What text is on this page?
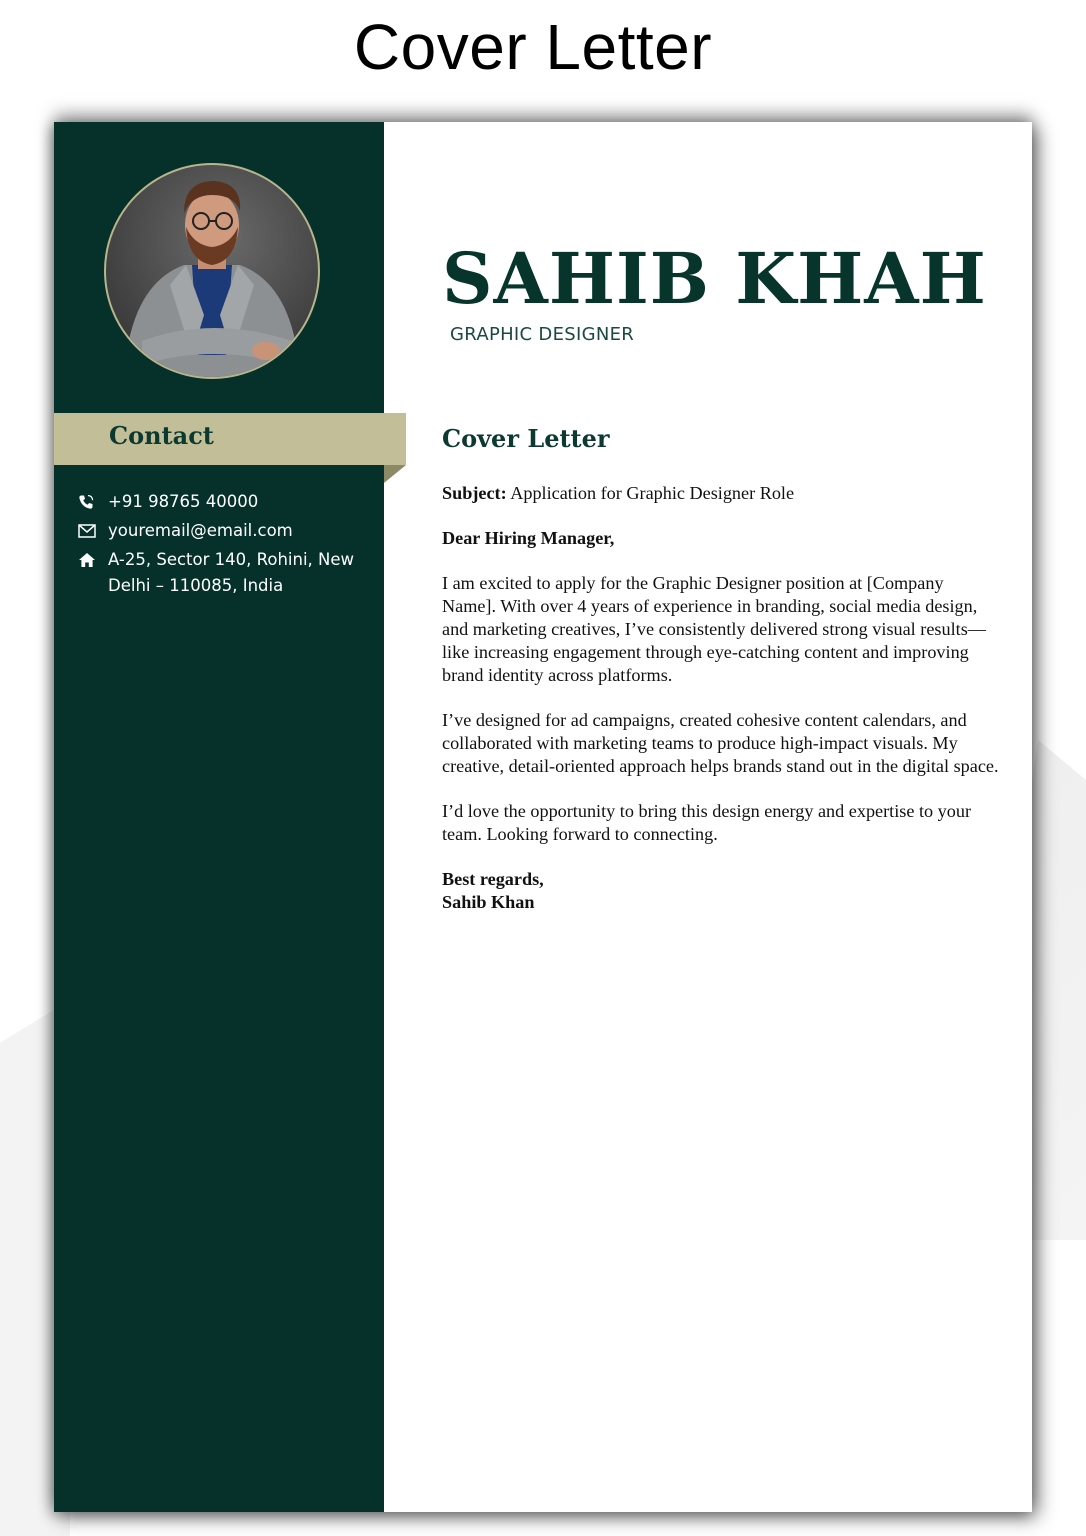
Cover Letter
Contact
+91 98765 40000
youremail@email.com
A-25, Sector 140, Rohini, New
Delhi – 110085, India
SAHIB KHAH
GRAPHIC DESIGNER
Cover Letter

Subject: Application for Graphic Designer Role

Dear Hiring Manager,

I am excited to apply for the Graphic Designer position at [Company Name]. With over 4 years of experience in branding, social media design, and marketing creatives, I’ve consistently delivered strong visual results—like increasing engagement through eye-catching content and improving brand identity across platforms.

I’ve designed for ad campaigns, created cohesive content calendars, and collaborated with marketing teams to produce high-impact visuals. My creative, detail-oriented approach helps brands stand out in the digital space.

I’d love the opportunity to bring this design energy and expertise to your team. Looking forward to connecting.

Best regards,
Sahib Khan
